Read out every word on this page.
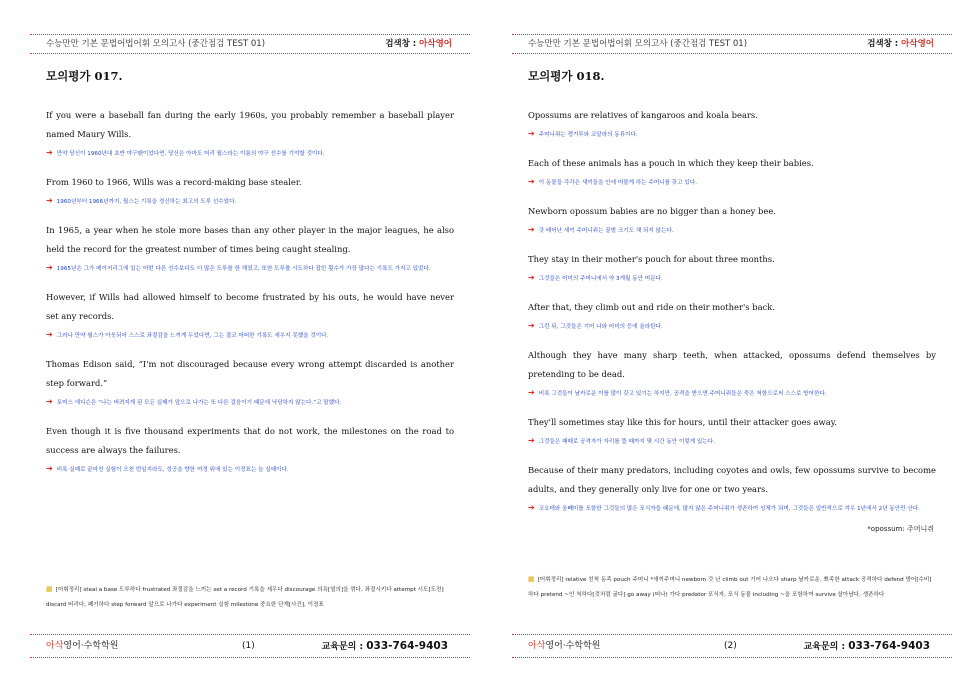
수능만만 기본 문법어법어휘 모의고사 (중간점검 TEST 01)	검색창 : 아삭영어
모의평가 017.
If you were a baseball fan during the early 1960s, you probably remember a baseball player named Maury Wills.
➔ 만약 당신이 1960년대 초반 야구팬이었다면, 당신은 아마도 머리 윌스라는 이름의 야구 선수를 기억할 것이다.
From 1960 to 1966, Wills was a record-making base stealer.
➔ 1960년부터 1966년까지, 윌스는 기록을 경신하는 최고의 도루 선수였다.
In 1965, a year when he stole more bases than any other player in the major leagues, he also held the record for the greatest number of times being caught stealing.
➔ 1965년은 그가 메이저리그에 있는 어떤 다른 선수보다도 더 많은 도루를 한 해였고, 또한 도루를 시도하다 잡힌 횟수가 가장 많다는 기록도 가지고 있었다.
However, if Wills had allowed himself to become frustrated by his outs, he would have never set any records.
➔ 그러나 만약 윌스가 아웃되어 스스로 좌절감을 느끼게 두었다면, 그는 결코 어떠한 기록도 세우지 못했을 것이다.
Thomas Edison said, “I'm not discouraged because every wrong attempt discarded is another step forward.”
➔ 토머스 에디슨은 “나는 버려지게 된 모든 실패가 앞으로 나가는 또 다른 걸음이기 때문에 낙담하지 않는다.”고 말했다.
Even though it is five thousand experiments that do not work, the milestones on the road to success are always the failures.
➔ 비록 실패로 끝마친 실험이 오천 번일지라도, 성공을 향한 여정 위에 있는 이정표는 늘 실패이다.
▦ [어휘정리] steal a base 도루하다 frustrated 좌절감을 느끼는 set a record 기록을 세우다 discourage 의욕[열의]을 꺾다, 좌절시키다 attempt 시도[도전] discard 버리다, 폐기하다 step forward 앞으로 나가다 experiment 실험 milestone 중요한 단계[사건], 이정표
아삭영어·수학학원	(1)	교육문의 : 033-764-9403
수능만만 기본 문법어법어휘 모의고사 (중간점검 TEST 01)	검색창 : 아삭영어
모의평가 018.
Opossums are relatives of kangaroos and koala bears.
➔ 주머니쥐는 캥거루와 코알라의 동류이다.
Each of these animals has a pouch in which they keep their babies.
➔ 이 동물들 각각은 새끼들을 안에 머물게 하는 주머니를 갖고 있다.
Newborn opossum babies are no bigger than a honey bee.
➔ 갓 태어난 새끼 주머니쥐는 꿀벌 크기도 채 되지 않는다.
They stay in their mother's pouch for about three months.
➔ 그것들은 어미의 주머니에서 약 3개월 동안 머문다.
After that, they climb out and ride on their mother's back.
➔ 그런 뒤, 그것들은 기어 나와 어미의 등에 올라탄다.
Although they have many sharp teeth, when attacked, opossums defend themselves by pretending to be dead.
➔ 비록 그것들이 날카로운 이를 많이 갖고 있기는 하지만, 공격을 받으면 주머니쥐들은 죽은 척함으로써 스스로 방어한다.
They'll sometimes stay like this for hours, until their attacker goes away.
➔ 그것들은 때때로 공격자가 자리를 뜰 때까지 몇 시간 동안 이렇게 있는다.
Because of their many predators, including coyotes and owls, few opossums survive to become adults, and they generally only live for one or two years.
➔ 코요테와 올빼미를 포함한 그것들의 많은 포식자들 때문에, 많지 않은 주머니쥐가 생존하여 성체가 되며, 그것들은 일반적으로 겨우 1년에서 2년 동안만 산다.
*opossum: 주머니쥐
▦ [어휘정리] relative 친척 동족 pouch 주머니 *새끼주머니 newborn 갓 난 climb out 기어 나오다 sharp 날카로운, 뾰족한 attack 공격하다 defend 방어[수비]하다 pretend ~인 척하다[것처럼 굴다] go away (떠나) 가다 predator 포식자, 포식 동물 including ~을 포함하여 survive 살아남다, 생존하다
아삭영어·수학학원	(2)	교육문의 : 033-764-9403
